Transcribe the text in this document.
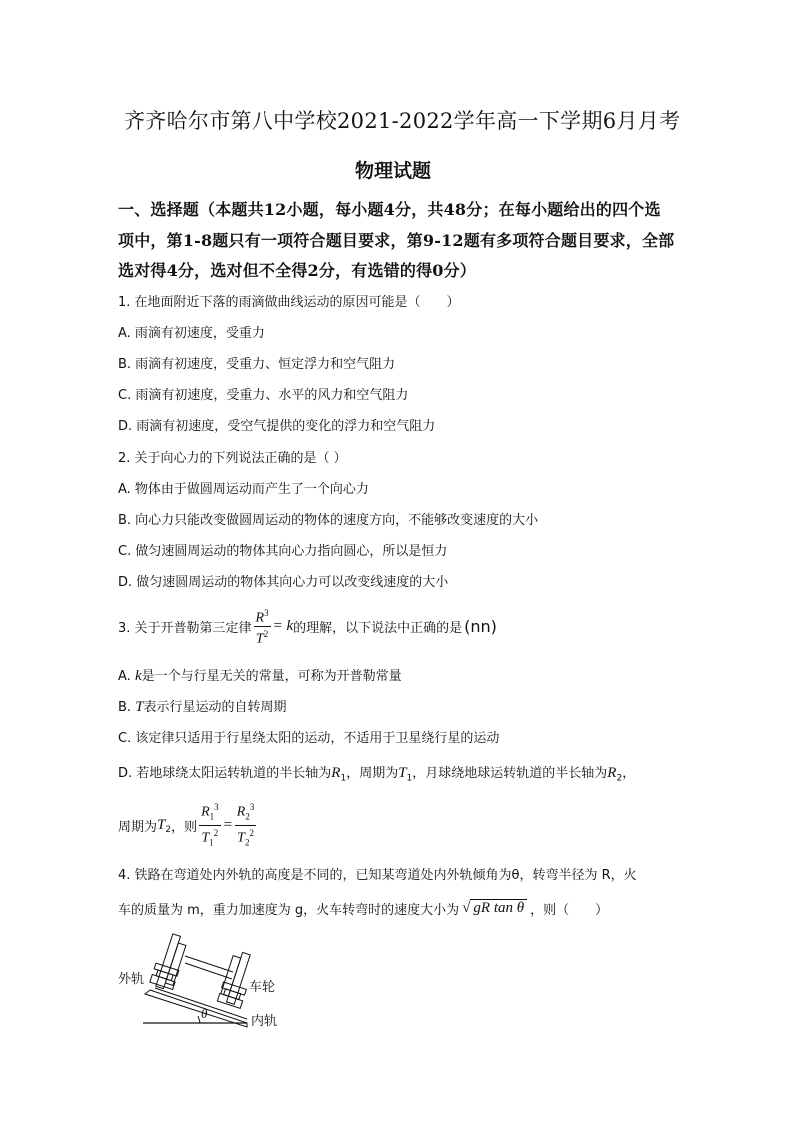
齐齐哈尔市第八中学校2021-2022学年高一下学期6月月考
物理试题
一、选择题（本题共12小题，每小题4分，共48分；在每小题给出的四个选
项中，第1-8题只有一项符合题目要求，第9-12题有多项符合题目要求，全部
选对得4分，选对但不全得2分，有选错的得0分）
1. 在地面附近下落的雨滴做曲线运动的原因可能是（　　）
A. 雨滴有初速度，受重力
B. 雨滴有初速度，受重力、恒定浮力和空气阻力
C. 雨滴有初速度，受重力、水平的风力和空气阻力
D. 雨滴有初速度，受空气提供的变化的浮力和空气阻力
2. 关于向心力的下列说法正确的是（ ）
A. 物体由于做圆周运动而产生了一个向心力
B. 向心力只能改变做圆周运动的物体的速度方向，不能够改变速度的大小
C. 做匀速圆周运动的物体其向心力指向圆心，所以是恒力
D. 做匀速圆周运动的物体其向心力可以改变线速度的大小
3. 关于开普勒第三定律 $\frac{R^3}{T^2} = k$ 的理解，以下说法中正确的是 (nn)
A. k是一个与行星无关的常量，可称为开普勒常量
B. T表示行星运动的自转周期
C. 该定律只适用于行星绕太阳的运动，不适用于卫星绕行星的运动
D. 若地球绕太阳运转轨道的半长轴为$R_1$，周期为$T_1$，月球绕地球运转轨道的半长轴为$R_2$，
周期为 $T_2$ ，则 $\frac{R_1^3}{T_1^2} = \frac{R_2^3}{T_2^2}$
4. 铁路在弯道处内外轨的高度是不同的，已知某弯道处内外轨倾角为θ，转弯半径为 R，火
车的质量为 m，重力加速度为 g，火车转弯时的速度大小为 √ gR tan θ ，则（　　）
外轨
车轮
内轨
θ
